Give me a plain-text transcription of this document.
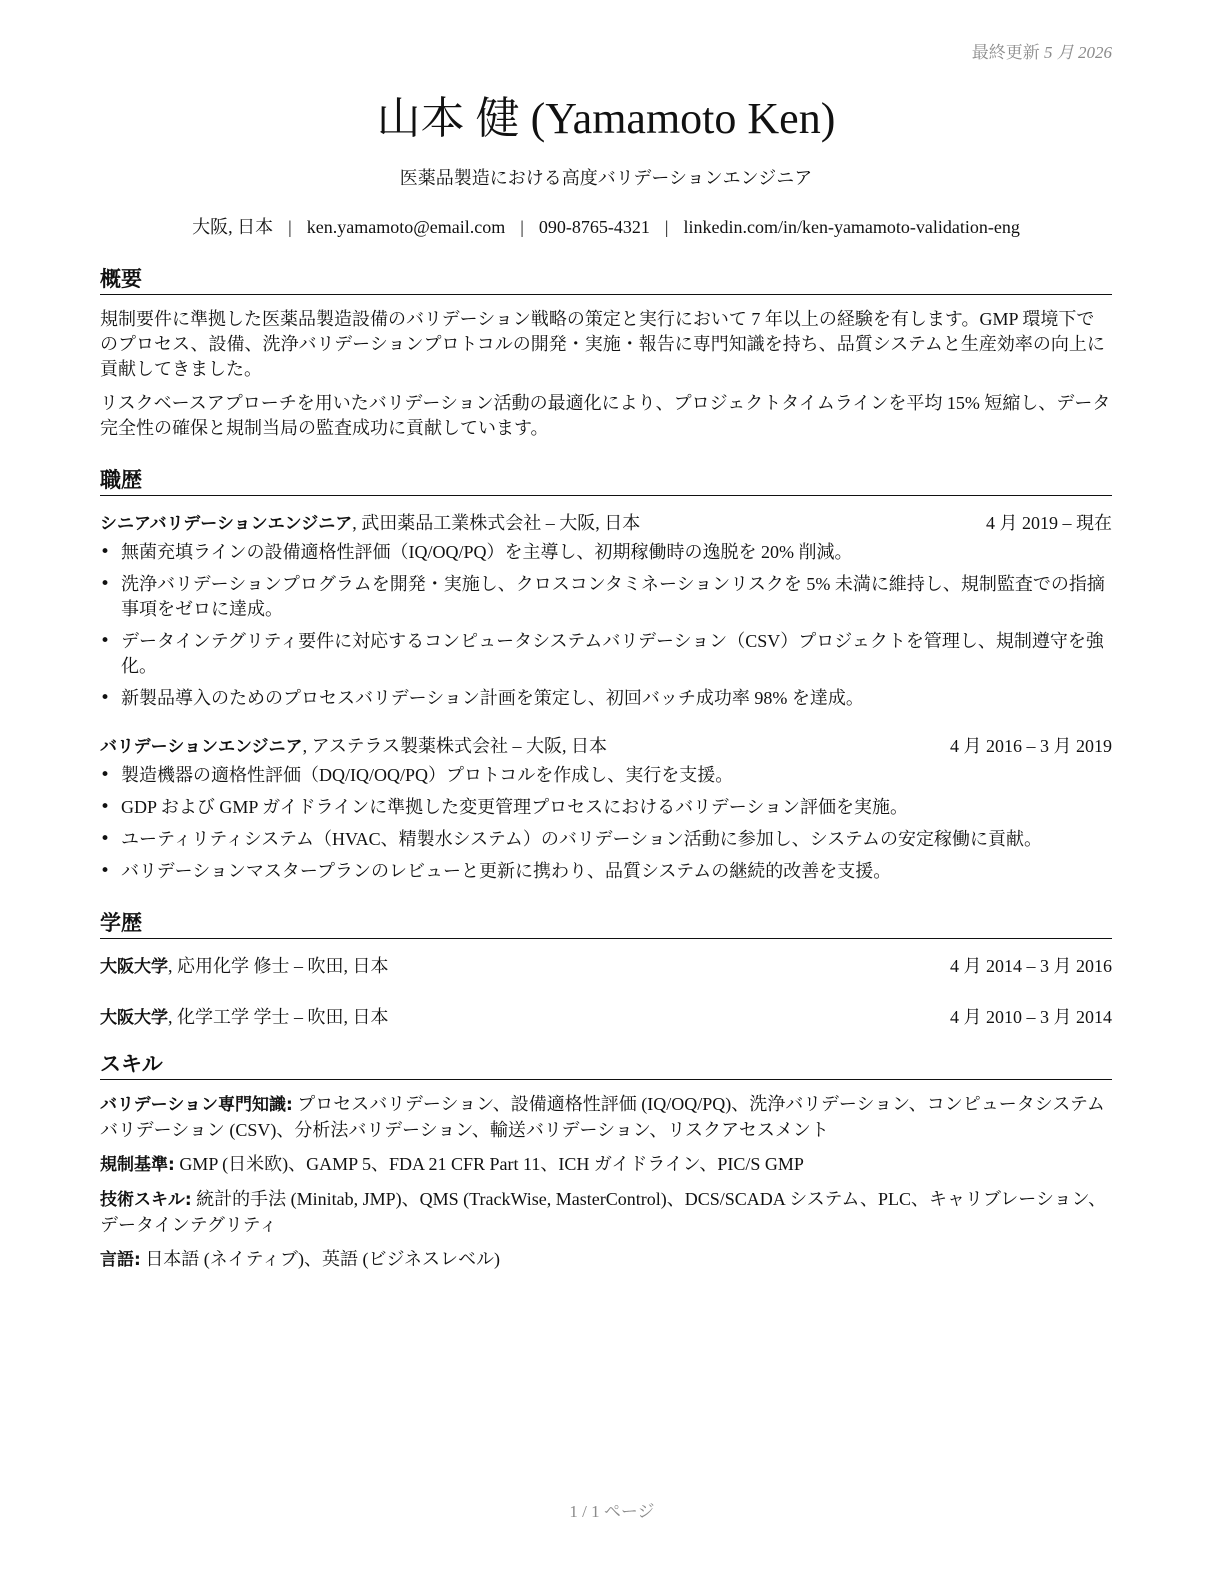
最終更新 5 月 2026
山本 健 (Yamamoto Ken)
医薬品製造における高度バリデーションエンジニア
大阪, 日本 | ken.yamamoto@email.com | 090-8765-4321 | linkedin.com/in/ken-yamamoto-validation-eng
概要

規制要件に準拠した医薬品製造設備のバリデーション戦略の策定と実行において 7 年以上の経験を有します。GMP 環境下でのプロセス、設備、洗浄バリデーションプロトコルの開発・実施・報告に専門知識を持ち、品質システムと生産効率の向上に貢献してきました。

リスクベースアプローチを用いたバリデーション活動の最適化により、プロジェクトタイムラインを平均 15% 短縮し、データ完全性の確保と規制当局の監査成功に貢献しています。

職歴
シニアバリデーションエンジニア, 武田薬品工業株式会社 – 大阪, 日本	4 月 2019 – 現在
• 無菌充填ラインの設備適格性評価（IQ/OQ/PQ）を主導し、初期稼働時の逸脱を 20% 削減。
• 洗浄バリデーションプログラムを開発・実施し、クロスコンタミネーションリスクを 5% 未満に維持し、規制監査での指摘事項をゼロに達成。
• データインテグリティ要件に対応するコンピュータシステムバリデーション（CSV）プロジェクトを管理し、規制遵守を強化。
• 新製品導入のためのプロセスバリデーション計画を策定し、初回バッチ成功率 98% を達成。
バリデーションエンジニア, アステラス製薬株式会社 – 大阪, 日本	4 月 2016 – 3 月 2019
• 製造機器の適格性評価（DQ/IQ/OQ/PQ）プロトコルを作成し、実行を支援。
• GDP および GMP ガイドラインに準拠した変更管理プロセスにおけるバリデーション評価を実施。
• ユーティリティシステム（HVAC、精製水システム）のバリデーション活動に参加し、システムの安定稼働に貢献。
• バリデーションマスタープランのレビューと更新に携わり、品質システムの継続的改善を支援。
学歴
大阪大学, 応用化学 修士 – 吹田, 日本	4 月 2014 – 3 月 2016
大阪大学, 化学工学 学士 – 吹田, 日本	4 月 2010 – 3 月 2014
スキル
バリデーション専門知識: プロセスバリデーション、設備適格性評価 (IQ/OQ/PQ)、洗浄バリデーション、コンピュータシステムバリデーション (CSV)、分析法バリデーション、輸送バリデーション、リスクアセスメント
規制基準: GMP (日米欧)、GAMP 5、FDA 21 CFR Part 11、ICH ガイドライン、PIC/S GMP
技術スキル: 統計的手法 (Minitab, JMP)、QMS (TrackWise, MasterControl)、DCS/SCADA システム、PLC、キャリブレーション、データインテグリティ
言語: 日本語 (ネイティブ)、英語 (ビジネスレベル)
1 / 1 ページ
